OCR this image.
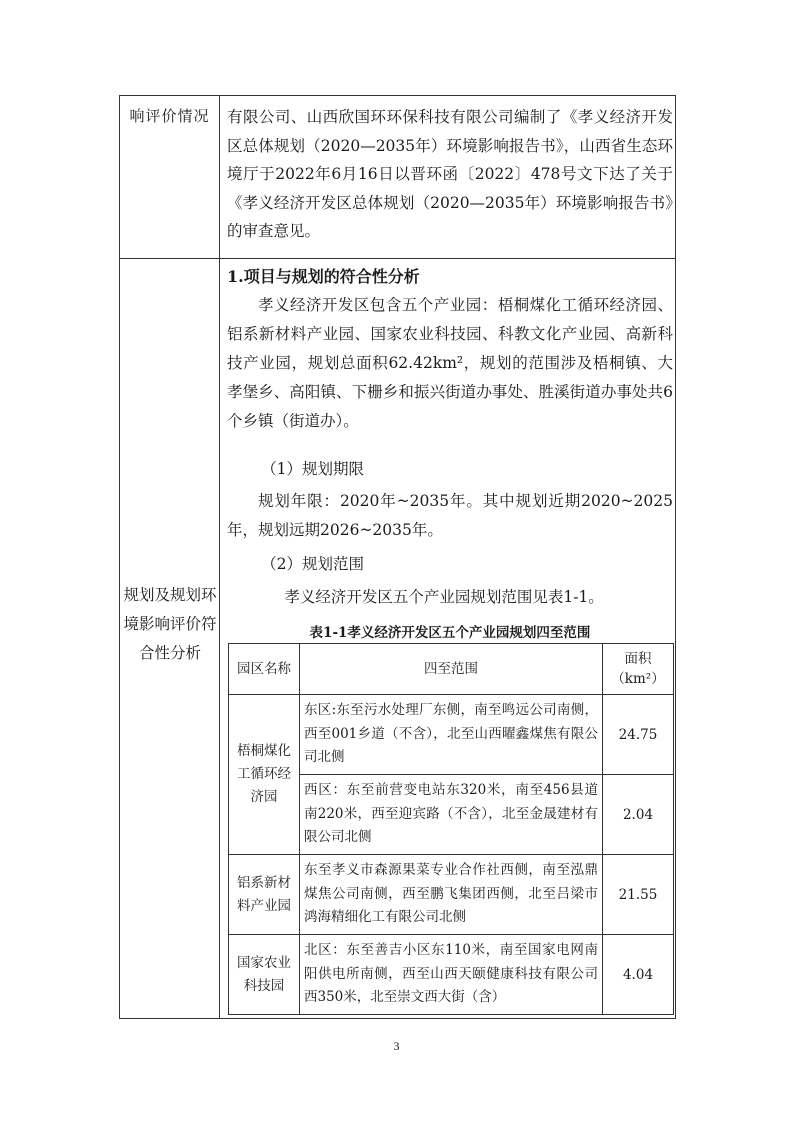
响评价情况	有限公司、山西欣国环环保科技有限公司编制了《孝义经济开发区总体规划（2020—2035年）环境影响报告书》，山西省生态环境厅于2022年6月16日以晋环函〔2022〕478号文下达了关于《孝义经济开发区总体规划（2020—2035年）环境影响报告书》的审查意见。
规划及规划环境影响评价符合性分析
1.项目与规划的符合性分析
孝义经济开发区包含五个产业园：梧桐煤化工循环经济园、铝系新材料产业园、国家农业科技园、科教文化产业园、高新科技产业园，规划总面积62.42km²，规划的范围涉及梧桐镇、大孝堡乡、高阳镇、下栅乡和振兴街道办事处、胜溪街道办事处共6个乡镇（街道办）。
（1）规划期限
规划年限：2020年~2035年。其中规划近期2020~2025年，规划远期2026~2035年。
（2）规划范围
孝义经济开发区五个产业园规划范围见表1-1。
表1-1孝义经济开发区五个产业园规划四至范围
园区名称	四至范围	面积（km²）
梧桐煤化工循环经济园	东区:东至污水处理厂东侧，南至鸣远公司南侧，西至001乡道（不含），北至山西曜鑫煤焦有限公司北侧	24.75
	西区：东至前营变电站东320米，南至456县道南220米，西至迎宾路（不含），北至金晟建材有限公司北侧	2.04
铝系新材料产业园	东至孝义市森源果菜专业合作社西侧，南至泓鼎煤焦公司南侧，西至鹏飞集团西侧，北至吕梁市鸿海精细化工有限公司北侧	21.55
国家农业科技园	北区：东至善吉小区东110米，南至国家电网南阳供电所南侧，西至山西天颐健康科技有限公司西350米，北至崇文西大街（含）	4.04
3
